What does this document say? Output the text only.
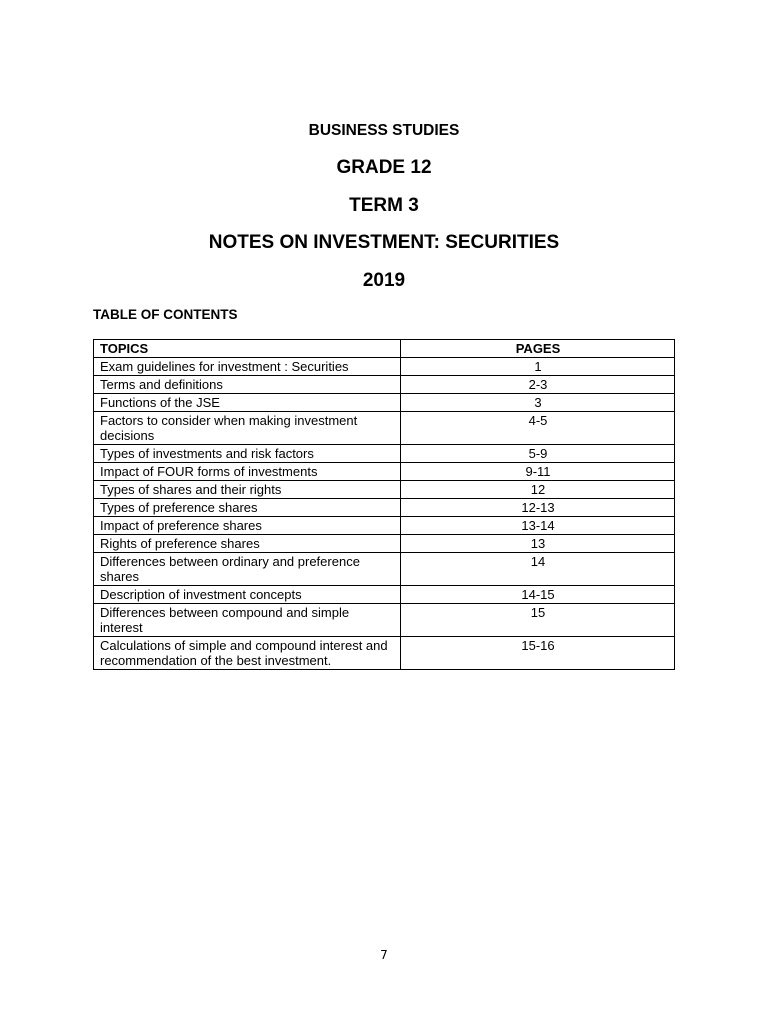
BUSINESS STUDIES
GRADE 12
TERM 3
NOTES ON INVESTMENT: SECURITIES
2019
TABLE OF CONTENTS
TOPICS	PAGES
Exam guidelines for investment : Securities	1
Terms and definitions	2-3
Functions of the JSE	3
Factors to consider when making investment decisions	4-5
Types of investments and risk factors	5-9
Impact of FOUR forms of investments	9-11
Types of shares and their rights	12
Types of preference shares	12-13
Impact of preference shares	13-14
Rights of preference shares	13
Differences between ordinary and preference shares	14
Description of investment concepts	14-15
Differences between compound and simple interest	15
Calculations of simple and compound interest and recommendation of the best investment.	15-16
7
